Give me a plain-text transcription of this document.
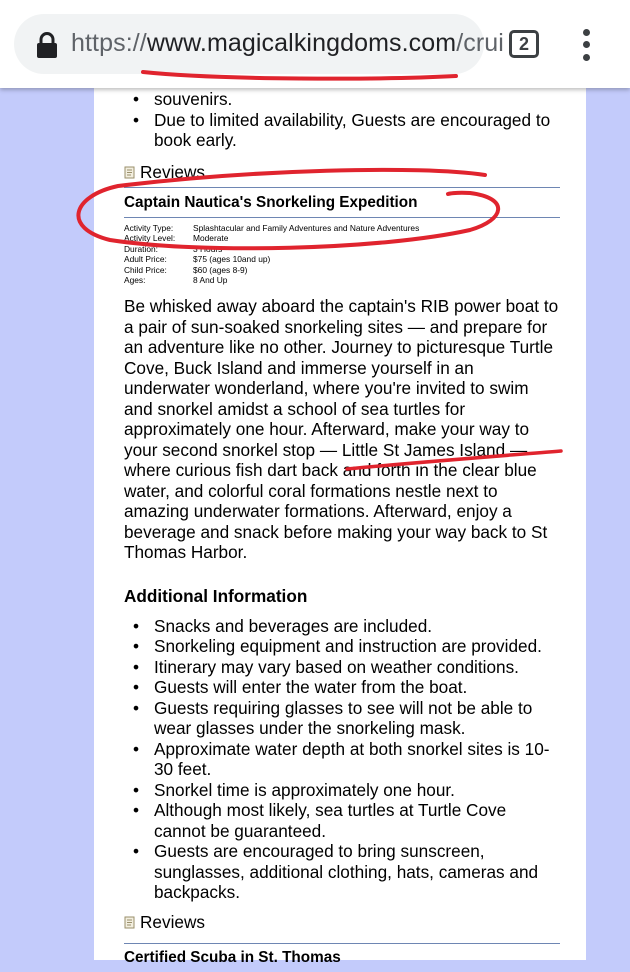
https://www.magicalkingdoms.com/crui 2
• souvenirs.
• Due to limited availability, Guests are encouraged to book early.
Reviews
Captain Nautica's Snorkeling Expedition
Activity Type:	Splashtacular and Family Adventures and Nature Adventures
Activity Level:	Moderate
Duration:	3 Hours
Adult Price:	$75 (ages 10and up)
Child Price:	$60 (ages 8-9)
Ages:	8 And Up

Be whisked away aboard the captain's RIB power boat to a pair of sun-soaked snorkeling sites — and prepare for an adventure like no other. Journey to picturesque Turtle Cove, Buck Island and immerse yourself in an underwater wonderland, where you're invited to swim and snorkel amidst a school of sea turtles for approximately one hour. Afterward, make your way to your second snorkel stop — Little St James Island — where curious fish dart back and forth in the clear blue water, and colorful coral formations nestle next to amazing underwater formations. Afterward, enjoy a beverage and snack before making your way back to St Thomas Harbor.

Additional Information
• Snacks and beverages are included.
• Snorkeling equipment and instruction are provided.
• Itinerary may vary based on weather conditions.
• Guests will enter the water from the boat.
• Guests requiring glasses to see will not be able to wear glasses under the snorkeling mask.
• Approximate water depth at both snorkel sites is 10-30 feet.
• Snorkel time is approximately one hour.
• Although most likely, sea turtles at Turtle Cove cannot be guaranteed.
• Guests are encouraged to bring sunscreen, sunglasses, additional clothing, hats, cameras and backpacks.
Reviews
Certified Scuba in St. Thomas
